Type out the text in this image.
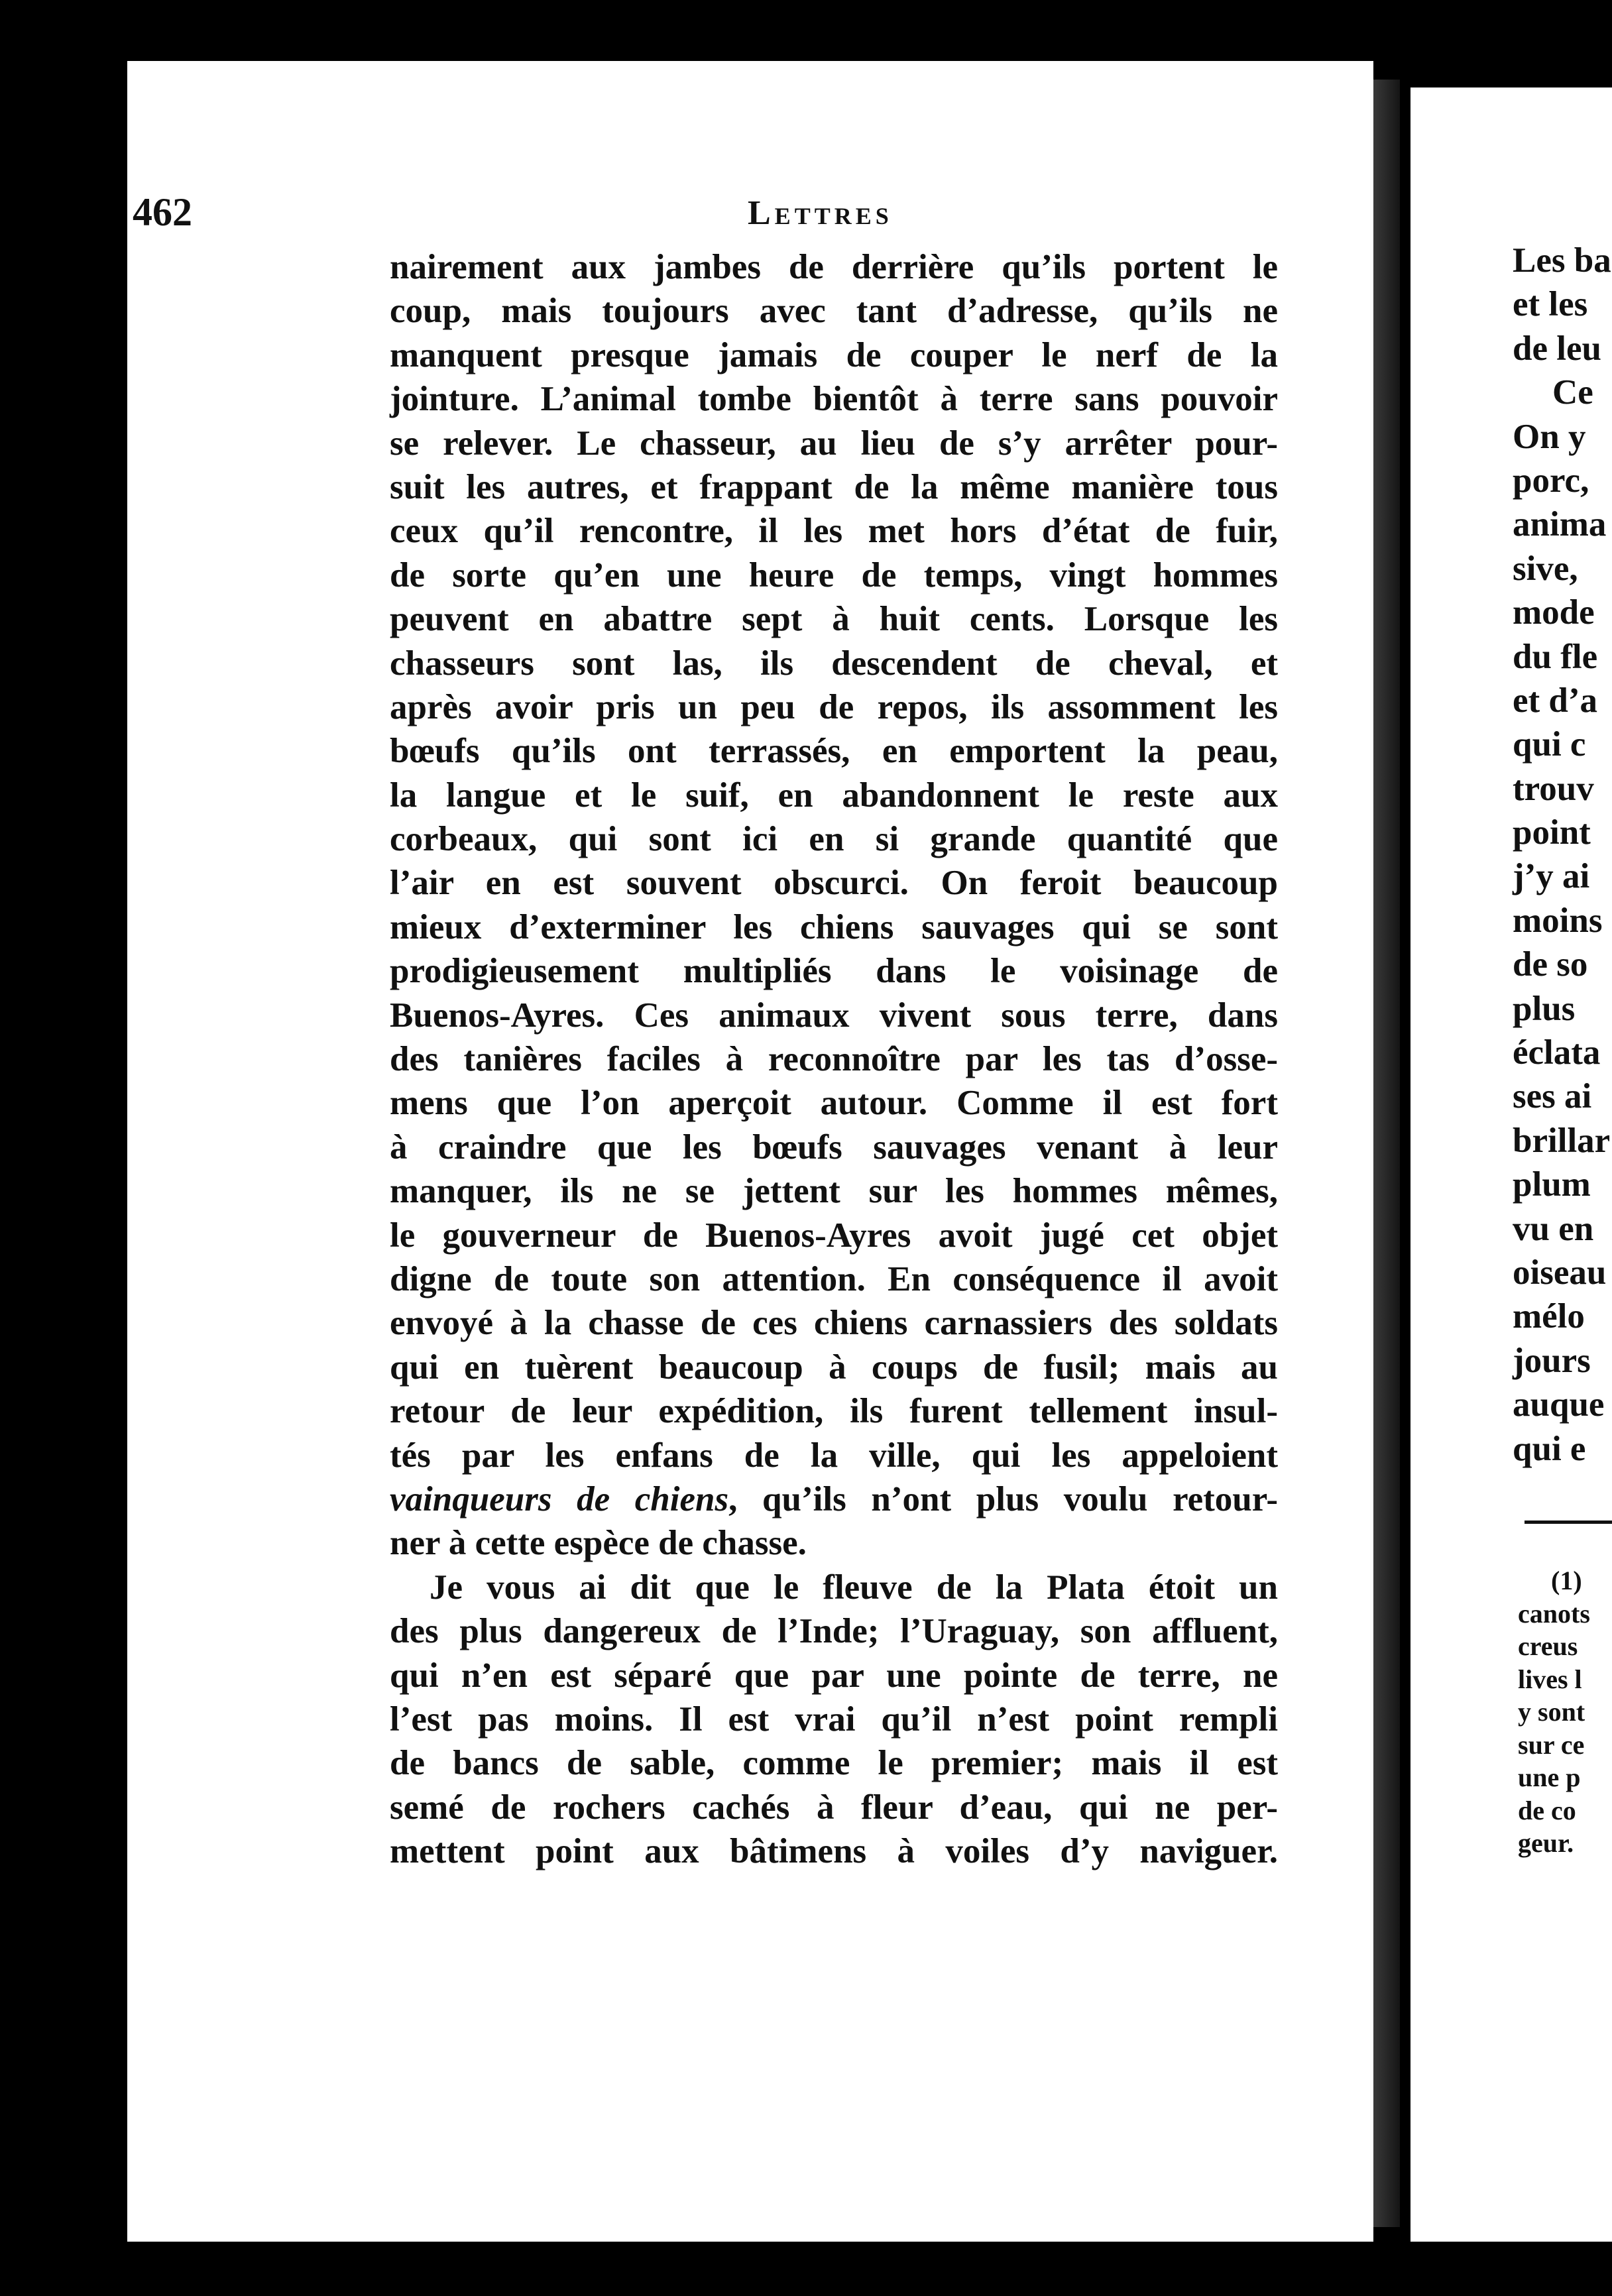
462	Lettres
nairement aux jambes de derrière qu’ils portent le
coup, mais toujours avec tant d’adresse, qu’ils ne
manquent presque jamais de couper le nerf de la
jointure. L’animal tombe bientôt à terre sans pouvoir
se relever. Le chasseur, au lieu de s’y arrêter pour-
suit les autres, et frappant de la même manière tous
ceux qu’il rencontre, il les met hors d’état de fuir,
de sorte qu’en une heure de temps, vingt hommes
peuvent en abattre sept à huit cents. Lorsque les
chasseurs sont las, ils descendent de cheval, et
après avoir pris un peu de repos, ils assomment les
bœufs qu’ils ont terrassés, en emportent la peau,
la langue et le suif, en abandonnent le reste aux
corbeaux, qui sont ici en si grande quantité que
l’air en est souvent obscurci. On feroit beaucoup
mieux d’exterminer les chiens sauvages qui se sont
prodigieusement multipliés dans le voisinage de
Buenos-Ayres. Ces animaux vivent sous terre, dans
des tanières faciles à reconnoître par les tas d’osse-
mens que l’on aperçoit autour. Comme il est fort
à craindre que les bœufs sauvages venant à leur
manquer, ils ne se jettent sur les hommes mêmes,
le gouverneur de Buenos-Ayres avoit jugé cet objet
digne de toute son attention. En conséquence il avoit
envoyé à la chasse de ces chiens carnassiers des soldats
qui en tuèrent beaucoup à coups de fusil; mais au
retour de leur expédition, ils furent tellement insul-
tés par les enfans de la ville, qui les appeloient
vainqueurs de chiens, qu’ils n’ont plus voulu retour-
ner à cette espèce de chasse.
Je vous ai dit que le fleuve de la Plata étoit un
des plus dangereux de l’Inde; l’Uraguay, son affluent,
qui n’en est séparé que par une pointe de terre, ne
l’est pas moins. Il est vrai qu’il n’est point rempli
de bancs de sable, comme le premier; mais il est
semé de rochers cachés à fleur d’eau, qui ne per-
mettent point aux bâtimens à voiles d’y naviguer.
Les ba
et les
de leu
Ce
On y
porc,
anima
sive,
mode
du fle
et d’a
qui c
trouv
point
j’y ai
moins
de so
plus
éclata
ses ai
brillar
plum
vu en
oiseau
mélo
jours
auque
qui e
(1)
canots
creus
lives l
y sont
sur ce
une p
de co
geur.
